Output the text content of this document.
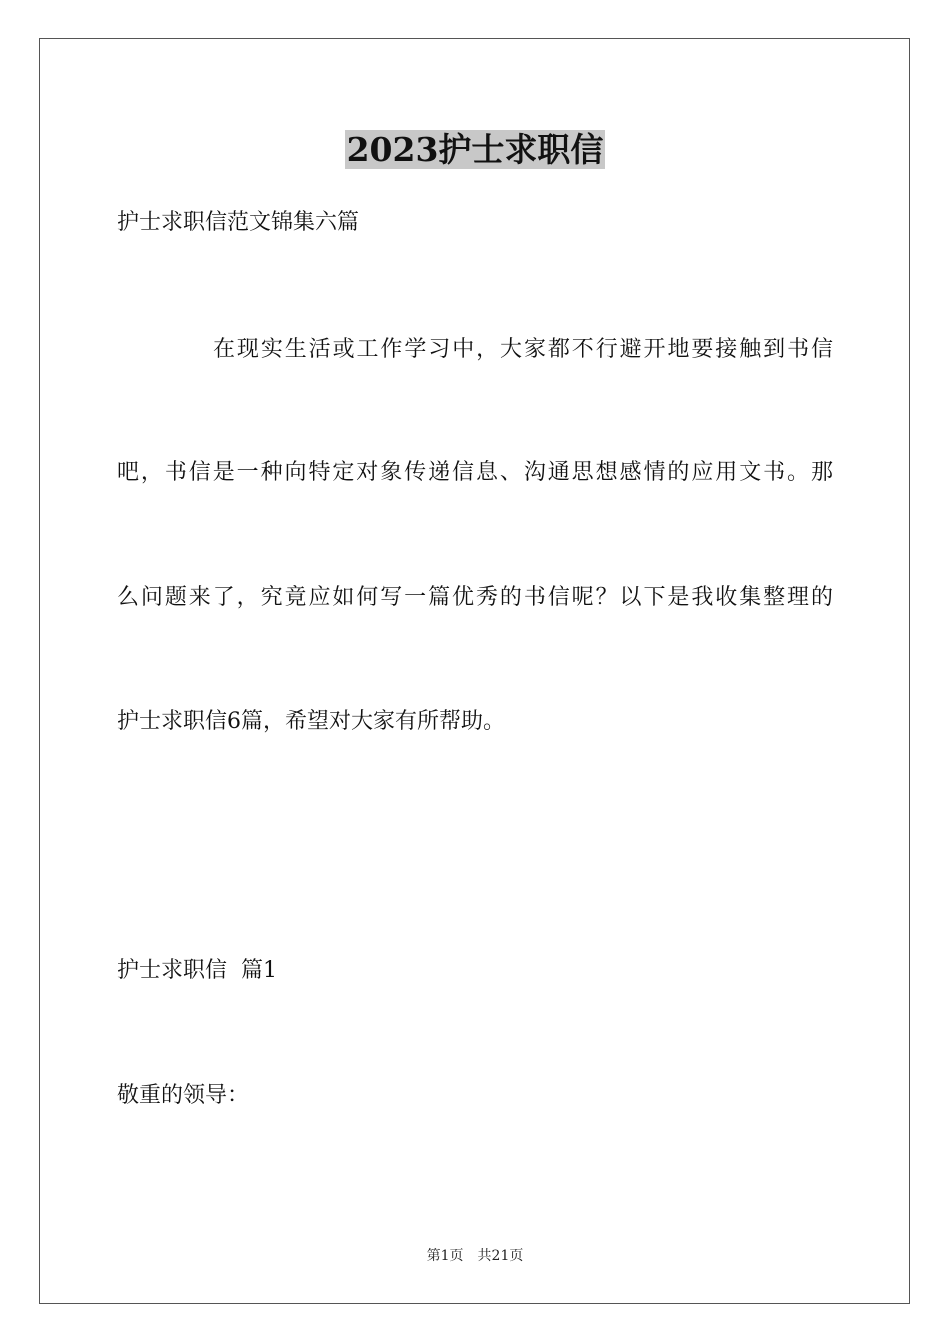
2023护士求职信

护士求职信范文锦集六篇

在现实生活或工作学习中，大家都不行避开地要接触到书信

吧，书信是一种向特定对象传递信息、沟通思想感情的应用文书。那

么问题来了，究竟应如何写一篇优秀的书信呢？以下是我收集整理的

护士求职信6篇，希望对大家有所帮助。

护士求职信  篇1

敬重的领导：

第1页　共21页
